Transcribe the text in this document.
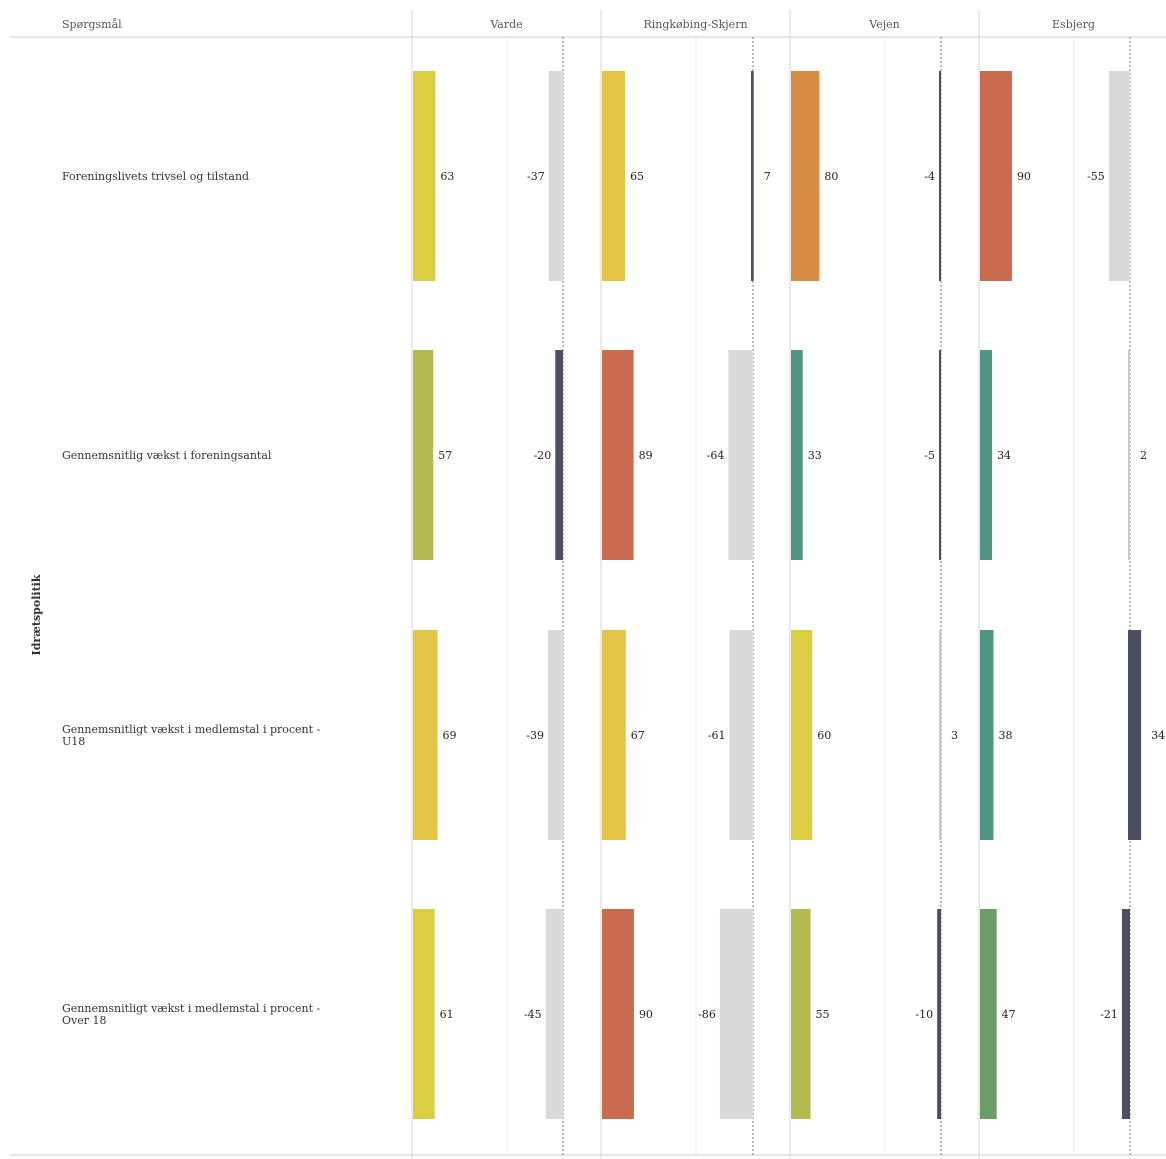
Spørgsmål	Varde	Ringkøbing-Skjern	Vejen	Esbjerg
Idrætspolitik
Foreningslivets trivsel og tilstand	63	-37	65	7	80	-4	90	-55
Gennemsnitlig vækst i foreningsantal	57	-20	89	-64	33	-5	34	2
Gennemsnitligt vækst i medlemstal i procent -
U18	69	-39	67	-61	60	3	38	34
Gennemsnitligt vækst i medlemstal i procent -
Over 18	61	-45	90	-86	55	-10	47	-21
